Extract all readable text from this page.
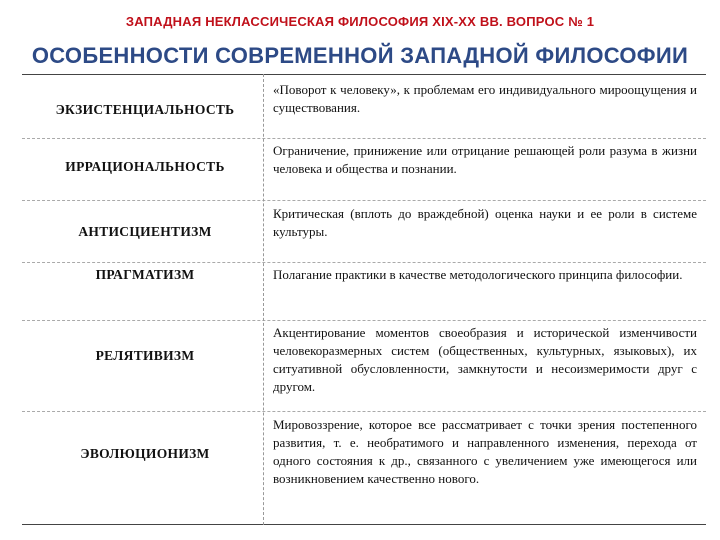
ЗАПАДНАЯ НЕКЛАССИЧЕСКАЯ ФИЛОСОФИЯ XIX-XX ВВ. ВОПРОС № 1
ОСОБЕННОСТИ СОВРЕМЕННОЙ ЗАПАДНОЙ ФИЛОСОФИИ
ЭКЗИСТЕНЦИАЛЬНОСТЬ
«Поворот к человеку», к проблемам его индивидуального мироощущения и существования.
ИРРАЦИОНАЛЬНОСТЬ
Ограничение, принижение или отрицание решающей роли разума в жизни человека и общества и познании.
АНТИСЦИЕНТИЗМ
Критическая (вплоть до враждебной) оценка науки и ее роли в системе культуры.
ПРАГМАТИЗМ	Полагание практики в качестве методологического принципа философии.
РЕЛЯТИВИЗМ
Акцентирование моментов своеобразия и исторической изменчивости человекоразмерных систем (общественных, культурных, языковых), их ситуативной обусловленности, замкнутости и несоизмеримости друг с другом.
ЭВОЛЮЦИОНИЗМ
Мировоззрение, которое все рассматривает с точки зрения постепенного развития, т. е. необратимого и направленного изменения, перехода от одного состояния к др., связанного с увеличением уже имеющегося или возникновением качественно нового.
